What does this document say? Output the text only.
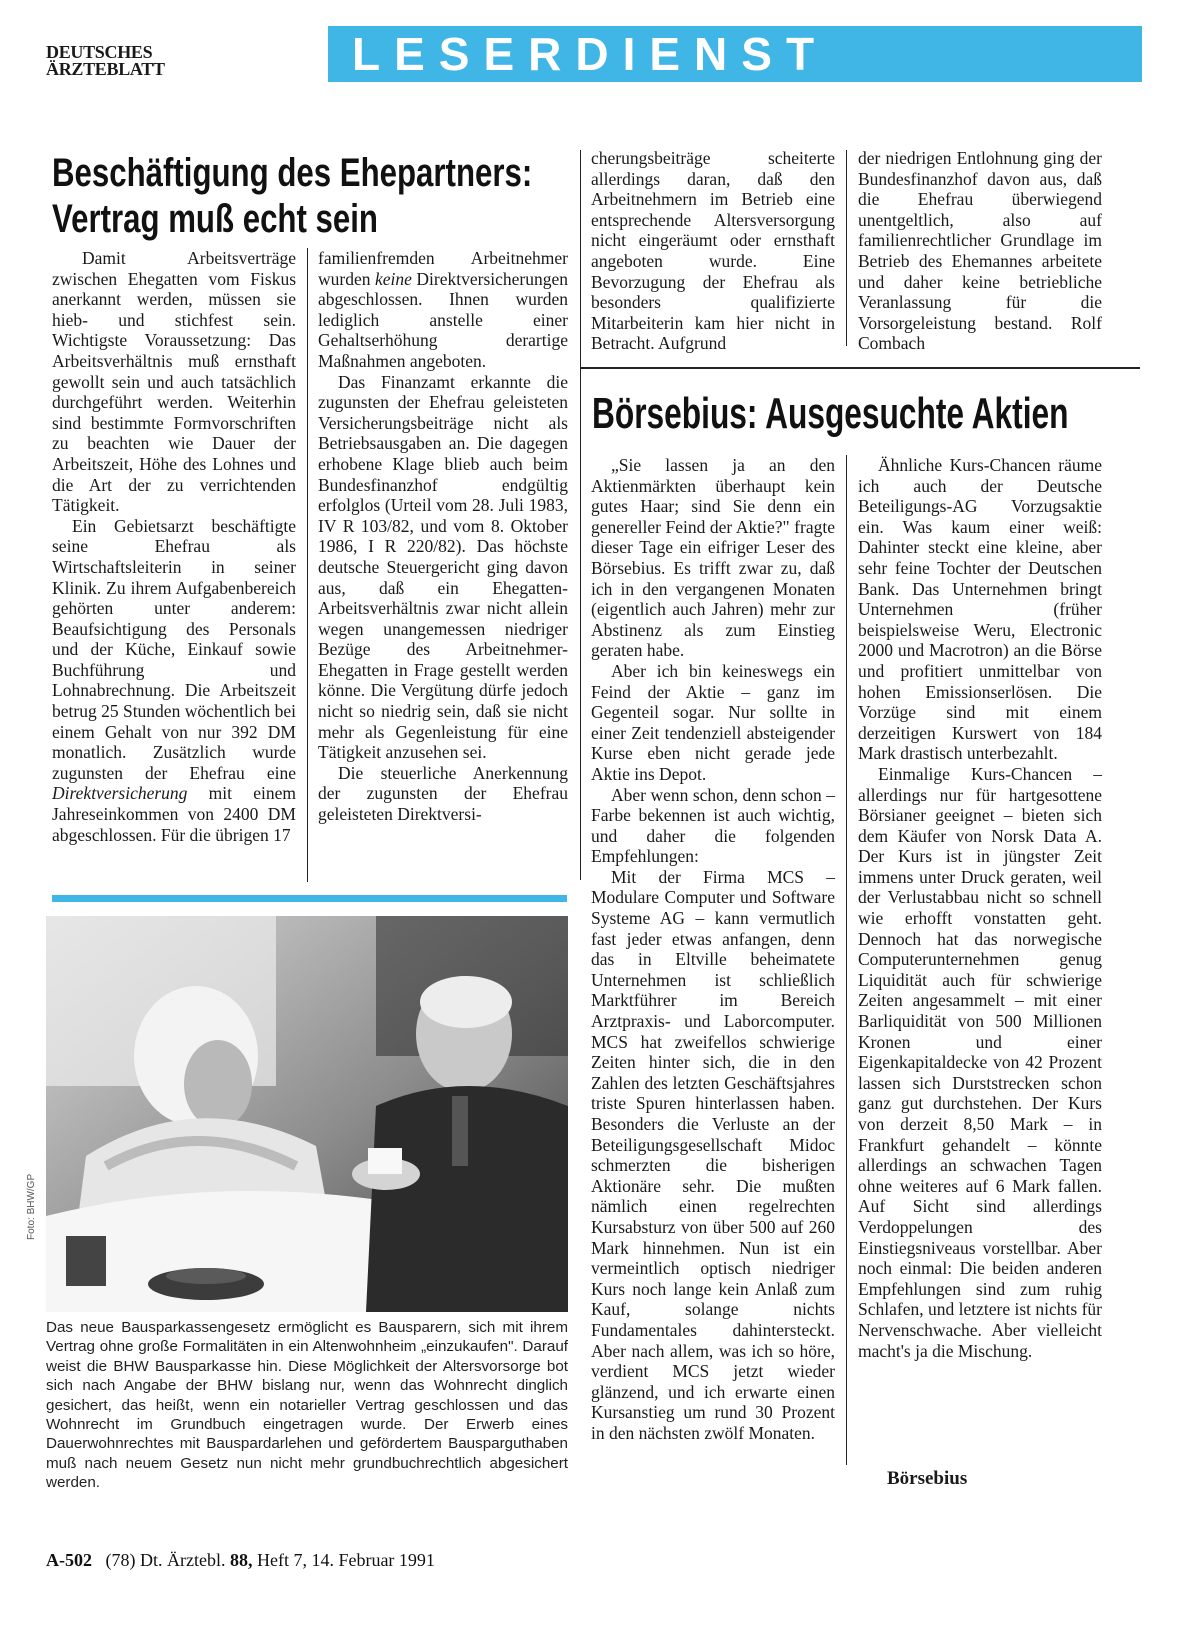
DEUTSCHES
ÄRZTEBLATT	LESERDIENST
Beschäftigung des Ehepartners:
Vertrag muß echt sein

Damit Arbeitsverträge zwischen Ehegatten vom Fiskus anerkannt werden, müssen sie hieb- und stichfest sein. Wichtigste Voraussetzung: Das Arbeitsverhältnis muß ernsthaft gewollt sein und auch tatsächlich durchgeführt werden. Weiterhin sind bestimmte Formvorschriften zu beachten wie Dauer der Arbeitszeit, Höhe des Lohnes und die Art der zu verrichtenden Tätigkeit.

Ein Gebietsarzt beschäftigte seine Ehefrau als Wirtschaftsleiterin in seiner Klinik. Zu ihrem Aufgabenbereich gehörten unter anderem: Beaufsichtigung des Personals und der Küche, Einkauf sowie Buchführung und Lohnabrechnung. Die Arbeitszeit betrug 25 Stunden wöchentlich bei einem Gehalt von nur 392 DM monatlich. Zusätzlich wurde zugunsten der Ehefrau eine Direktversicherung mit einem Jahreseinkommen von 2400 DM abgeschlossen. Für die übrigen 17

familienfremden Arbeitnehmer wurden keine Direktversicherungen abgeschlossen. Ihnen wurden lediglich anstelle einer Gehaltserhöhung derartige Maßnahmen angeboten.

Das Finanzamt erkannte die zugunsten der Ehefrau geleisteten Versicherungsbeiträge nicht als Betriebsausgaben an. Die dagegen erhobene Klage blieb auch beim Bundesfinanzhof endgültig erfolglos (Urteil vom 28. Juli 1983, IV R 103/82, und vom 8. Oktober 1986, I R 220/82). Das höchste deutsche Steuergericht ging davon aus, daß ein Ehegatten-Arbeitsverhältnis zwar nicht allein wegen unangemessen niedriger Bezüge des Arbeitnehmer-Ehegatten in Frage gestellt werden könne. Die Vergütung dürfe jedoch nicht so niedrig sein, daß sie nicht mehr als Gegenleistung für eine Tätigkeit anzusehen sei.

Die steuerliche Anerkennung der zugunsten der Ehefrau geleisteten Direktversi-

cherungsbeiträge scheiterte allerdings daran, daß den Arbeitnehmern im Betrieb eine entsprechende Altersversorgung nicht eingeräumt oder ernsthaft angeboten wurde. Eine Bevorzugung der Ehefrau als besonders qualifizierte Mitarbeiterin kam hier nicht in Betracht. Aufgrund

der niedrigen Entlohnung ging der Bundesfinanzhof davon aus, daß die Ehefrau überwiegend unentgeltlich, also auf familienrechtlicher Grundlage im Betrieb des Ehemannes arbeitete und daher keine betriebliche Veranlassung für die Vorsorgeleistung bestand. Rolf Combach

Foto: BHW/GP
Das neue Bausparkassengesetz ermöglicht es Bausparern, sich mit ihrem Vertrag ohne große Formalitäten in ein Altenwohnheim „einzukaufen". Darauf weist die BHW Bausparkasse hin. Diese Möglichkeit der Altersvorsorge bot sich nach Angabe der BHW bislang nur, wenn das Wohnrecht dinglich gesichert, das heißt, wenn ein notarieller Vertrag geschlossen und das Wohnrecht im Grundbuch eingetragen wurde. Der Erwerb eines Dauerwohnrechtes mit Bauspardarlehen und gefördertem Bausparguthaben muß nach neuem Gesetz nun nicht mehr grundbuchrechtlich abgesichert werden.
Börsebius: Ausgesuchte Aktien

„Sie lassen ja an den Aktienmärkten überhaupt kein gutes Haar; sind Sie denn ein genereller Feind der Aktie?" fragte dieser Tage ein eifriger Leser des Börsebius. Es trifft zwar zu, daß ich in den vergangenen Monaten (eigentlich auch Jahren) mehr zur Abstinenz als zum Einstieg geraten habe.

Aber ich bin keineswegs ein Feind der Aktie – ganz im Gegenteil sogar. Nur sollte in einer Zeit tendenziell absteigender Kurse eben nicht gerade jede Aktie ins Depot.

Aber wenn schon, denn schon – Farbe bekennen ist auch wichtig, und daher die folgenden Empfehlungen:

Mit der Firma MCS – Modulare Computer und Software Systeme AG – kann vermutlich fast jeder etwas anfangen, denn das in Eltville beheimatete Unternehmen ist schließlich Marktführer im Bereich Arztpraxis- und Laborcomputer. MCS hat zweifellos schwierige Zeiten hinter sich, die in den Zahlen des letzten Geschäftsjahres triste Spuren hinterlassen haben. Besonders die Verluste an der Beteiligungsgesellschaft Midoc schmerzten die bisherigen Aktionäre sehr. Die mußten nämlich einen regelrechten Kursabsturz von über 500 auf 260 Mark hinnehmen. Nun ist ein vermeintlich optisch niedriger Kurs noch lange kein Anlaß zum Kauf, solange nichts Fundamentales dahintersteckt. Aber nach allem, was ich so höre, verdient MCS jetzt wieder glänzend, und ich erwarte einen Kursanstieg um rund 30 Prozent in den nächsten zwölf Monaten.

Ähnliche Kurs-Chancen räume ich auch der Deutsche Beteiligungs-AG Vorzugsaktie ein. Was kaum einer weiß: Dahinter steckt eine kleine, aber sehr feine Tochter der Deutschen Bank. Das Unternehmen bringt Unternehmen (früher beispielsweise Weru, Electronic 2000 und Macrotron) an die Börse und profitiert unmittelbar von hohen Emissionserlösen. Die Vorzüge sind mit einem derzeitigen Kurswert von 184 Mark drastisch unterbezahlt.

Einmalige Kurs-Chancen – allerdings nur für hartgesottene Börsianer geeignet – bieten sich dem Käufer von Norsk Data A. Der Kurs ist in jüngster Zeit immens unter Druck geraten, weil der Verlustabbau nicht so schnell wie erhofft vonstatten geht. Dennoch hat das norwegische Computerunternehmen genug Liquidität auch für schwierige Zeiten angesammelt – mit einer Barliquidität von 500 Millionen Kronen und einer Eigenkapitaldecke von 42 Prozent lassen sich Durststrecken schon ganz gut durchstehen. Der Kurs von derzeit 8,50 Mark – in Frankfurt gehandelt – könnte allerdings an schwachen Tagen ohne weiteres auf 6 Mark fallen. Auf Sicht sind allerdings Verdoppelungen des Einstiegsniveaus vorstellbar. Aber noch einmal: Die beiden anderen Empfehlungen sind zum ruhig Schlafen, und letztere ist nichts für Nervenschwache. Aber vielleicht macht's ja die Mischung.

Börsebius
A-502 (78) Dt. Ärztebl. 88, Heft 7, 14. Februar 1991
